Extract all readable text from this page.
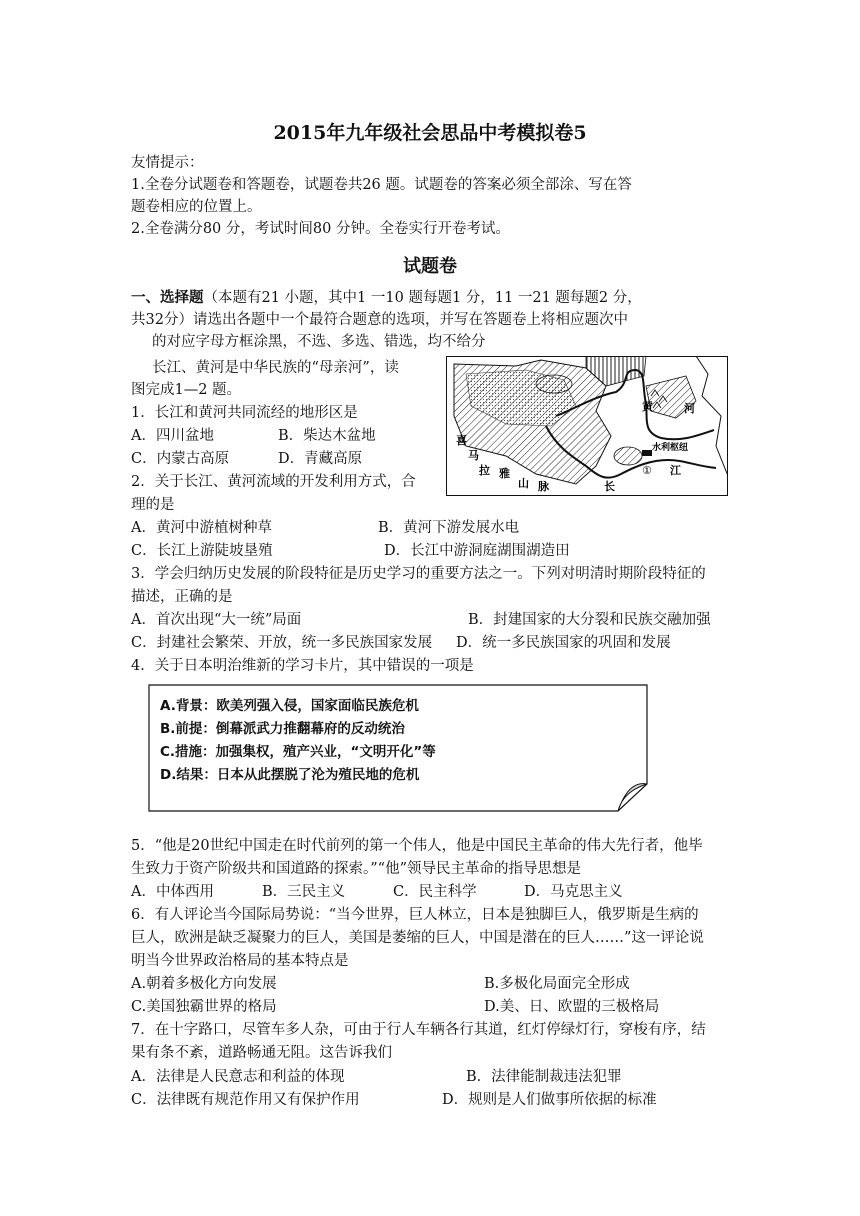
2015年九年级社会思品中考模拟卷5
友情提示：
1.全卷分试题卷和答题卷，试题卷共26 题。试题卷的答案必须全部涂、写在答
题卷相应的位置上。
2.全卷满分80 分，考试时间80 分钟。全卷实行开卷考试。
试题卷
一、选择题（本题有21 小题，其中1 一10 题每题1 分，11 一21 题每题2 分，
共32分）请选出各题中一个最符合题意的选项，并写在答题卷上将相应题次中
的对应字母方框涂黑，不选、多选、错选，均不给分
长江、黄河是中华民族的“母亲河”，读
图完成1—2 题。
1．长江和黄河共同流经的地形区是
A．四川盆地	B．柴达木盆地
C．内蒙古高原	D．青藏高原
2．关于长江、黄河流域的开发利用方式，合
理的是
A．黄河中游植树种草	B．黄河下游发展水电
C．长江上游陡坡垦殖	D．长江中游洞庭湖围湖造田
喜
马
拉 雅
山 脉
黄	河
水利枢纽
①
长
江
3．学会归纳历史发展的阶段特征是历史学习的重要方法之一。下列对明清时期阶段特征的
描述，正确的是
A．首次出现“大一统”局面	B．封建国家的大分裂和民族交融加强
C．封建社会繁荣、开放，统一多民族国家发展 D．统一多民族国家的巩固和发展
4．关于日本明治维新的学习卡片，其中错误的一项是
A.背景：欧美列强入侵，国家面临民族危机
B.前提：倒幕派武力推翻幕府的反动统治
C.措施：加强集权，殖产兴业，“文明开化”等
D.结果：日本从此摆脱了沦为殖民地的危机
5．“他是20世纪中国走在时代前列的第一个伟人，他是中国民主革命的伟大先行者，他毕
生致力于资产阶级共和国道路的探索。”“他”领导民主革命的指导思想是
A．中体西用	B．三民主义	C．民主科学	D．马克思主义
6．有人评论当今国际局势说：“当今世界，巨人林立，日本是独脚巨人，俄罗斯是生病的
巨人，欧洲是缺乏凝聚力的巨人，美国是萎缩的巨人，中国是潜在的巨人……”这一评论说
明当今世界政治格局的基本特点是
A.朝着多极化方向发展	B.多极化局面完全形成
C.美国独霸世界的格局	D.美、日、欧盟的三极格局
7．在十字路口，尽管车多人杂，可由于行人车辆各行其道，红灯停绿灯行，穿梭有序，结
果有条不紊，道路畅通无阻。这告诉我们
A．法律是人民意志和利益的体现	B．法律能制裁违法犯罪
C．法律既有规范作用又有保护作用	D．规则是人们做事所依据的标准
